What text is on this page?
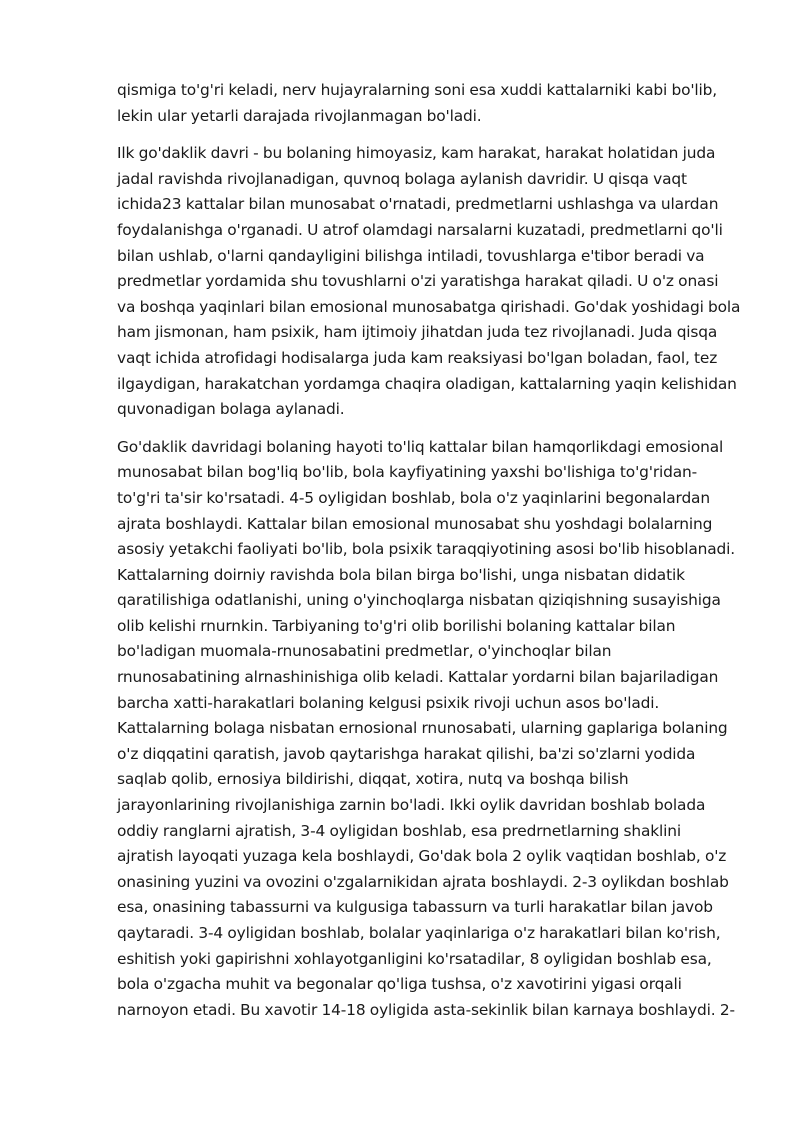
qismiga to'g'ri keladi, nerv hujayralarning soni esa xuddi kattalarniki kabi bo'lib,
lekin ular yetarli darajada rivojlanmagan bo'ladi.
Ilk go'daklik davri - bu bolaning himoyasiz, kam harakat, harakat holatidan juda
jadal ravishda rivojlanadigan, quvnoq bolaga aylanish davridir. U qisqa vaqt
ichida23 kattalar bilan munosabat o'rnatadi, predmetlarni ushlashga va ulardan
foydalanishga o'rganadi. U atrof olamdagi narsalarni kuzatadi, predmetlarni qo'li
bilan ushlab, o'larni qandayligini bilishga intiladi, tovushlarga e'tibor beradi va
predmetlar yordamida shu tovushlarni o'zi yaratishga harakat qiladi. U o'z onasi
va boshqa yaqinlari bilan emosional munosabatga qirishadi. Go'dak yoshidagi bola
ham jismonan, ham psixik, ham ijtimoiy jihatdan juda tez rivojlanadi. Juda qisqa
vaqt ichida atrofidagi hodisalarga juda kam reaksiyasi bo'lgan boladan, faol, tez
ilgaydigan, harakatchan yordamga chaqira oladigan, kattalarning yaqin kelishidan
quvonadigan bolaga aylanadi.
Go'daklik davridagi bolaning hayoti to'liq kattalar bilan hamqorlikdagi emosional
munosabat bilan bog'liq bo'lib, bola kayfiyatining yaxshi bo'lishiga to'g'ridan-
to'g'ri ta'sir ko'rsatadi. 4-5 oyligidan boshlab, bola o'z yaqinlarini begonalardan
ajrata boshlaydi. Kattalar bilan emosional munosabat shu yoshdagi bolalarning
asosiy yetakchi faoliyati bo'lib, bola psixik taraqqiyotining asosi bo'lib hisoblanadi.
Kattalarning doirniy ravishda bola bilan birga bo'lishi, unga nisbatan didatik
qaratilishiga odatlanishi, uning o'yinchoqlarga nisbatan qiziqishning susayishiga
olib kelishi rnurnkin. Tarbiyaning to'g'ri olib borilishi bolaning kattalar bilan
bo'ladigan muomala-rnunosabatini predmetlar, o'yinchoqlar bilan
rnunosabatining alrnashinishiga olib keladi. Kattalar yordarni bilan bajariladigan
barcha xatti-harakatlari bolaning kelgusi psixik rivoji uchun asos bo'ladi.
Kattalarning bolaga nisbatan ernosional rnunosabati, ularning gaplariga bolaning
o'z diqqatini qaratish, javob qaytarishga harakat qilishi, ba'zi so'zlarni yodida
saqlab qolib, ernosiya bildirishi, diqqat, xotira, nutq va boshqa bilish
jarayonlarining rivojlanishiga zarnin bo'ladi. Ikki oylik davridan boshlab bolada
oddiy ranglarni ajratish, 3-4 oyligidan boshlab, esa predrnetlarning shaklini
ajratish layoqati yuzaga kela boshlaydi, Go'dak bola 2 oylik vaqtidan boshlab, o'z
onasining yuzini va ovozini o'zgalarnikidan ajrata boshlaydi. 2-3 oylikdan boshlab
esa, onasining tabassurni va kulgusiga tabassurn va turli harakatlar bilan javob
qaytaradi. 3-4 oyligidan boshlab, bolalar yaqinlariga o'z harakatlari bilan ko'rish,
eshitish yoki gapirishni xohlayotganligini ko'rsatadilar, 8 oyligidan boshlab esa,
bola o'zgacha muhit va begonalar qo'liga tushsa, o'z xavotirini yigasi orqali
narnoyon etadi. Bu xavotir 14-18 oyligida asta-sekinlik bilan karnaya boshlaydi. 2-
